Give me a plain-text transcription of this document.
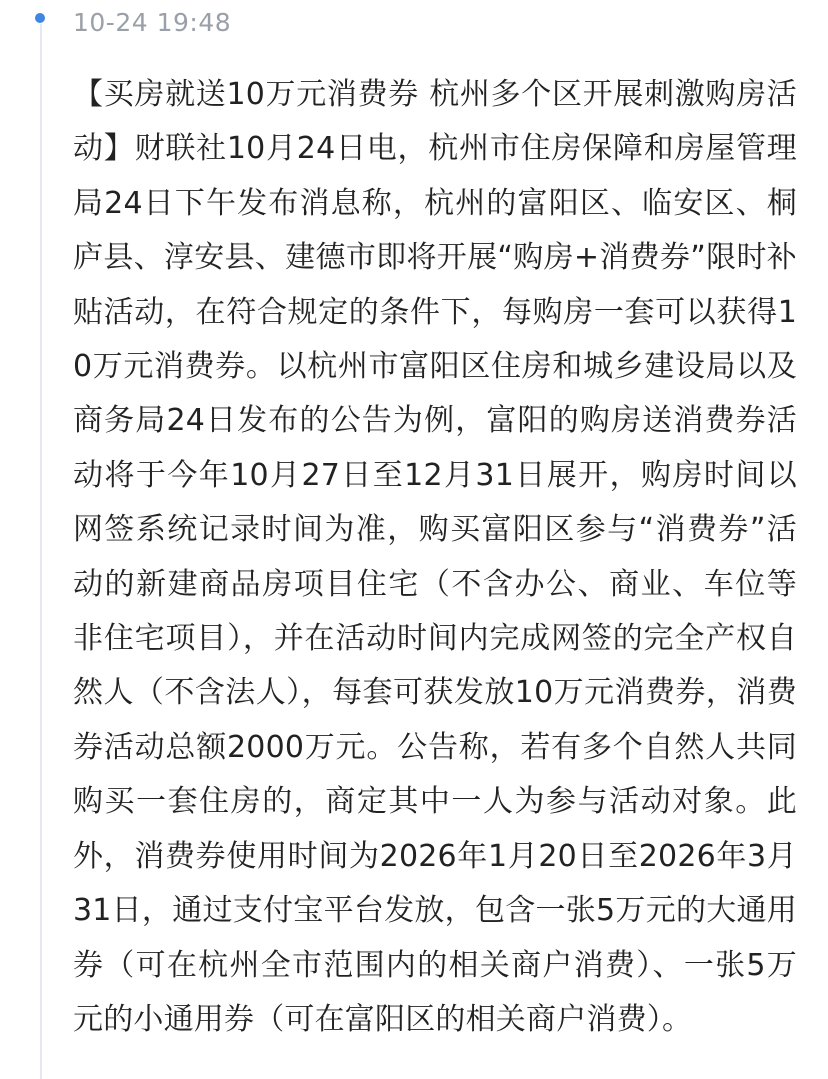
10-24 19:48
【买房就送10万元消费券 杭州多个区开展刺激购房活动】财联社10月24日电，杭州市住房保障和房屋管理局24日下午发布消息称，杭州的富阳区、临安区、桐庐县、淳安县、建德市即将开展“购房+消费券”限时补贴活动，在符合规定的条件下，每购房一套可以获得10万元消费券。以杭州市富阳区住房和城乡建设局以及商务局24日发布的公告为例，富阳的购房送消费券活动将于今年10月27日至12月31日展开，购房时间以网签系统记录时间为准，购买富阳区参与“消费券”活动的新建商品房项目住宅（不含办公、商业、车位等非住宅项目），并在活动时间内完成网签的完全产权自然人（不含法人），每套可获发放10万元消费券，消费券活动总额2000万元。公告称，若有多个自然人共同购买一套住房的，商定其中一人为参与活动对象。此外，消费券使用时间为2026年1月20日至2026年3月31日，通过支付宝平台发放，包含一张5万元的大通用券（可在杭州全市范围内的相关商户消费）、一张5万元的小通用券（可在富阳区的相关商户消费）。
